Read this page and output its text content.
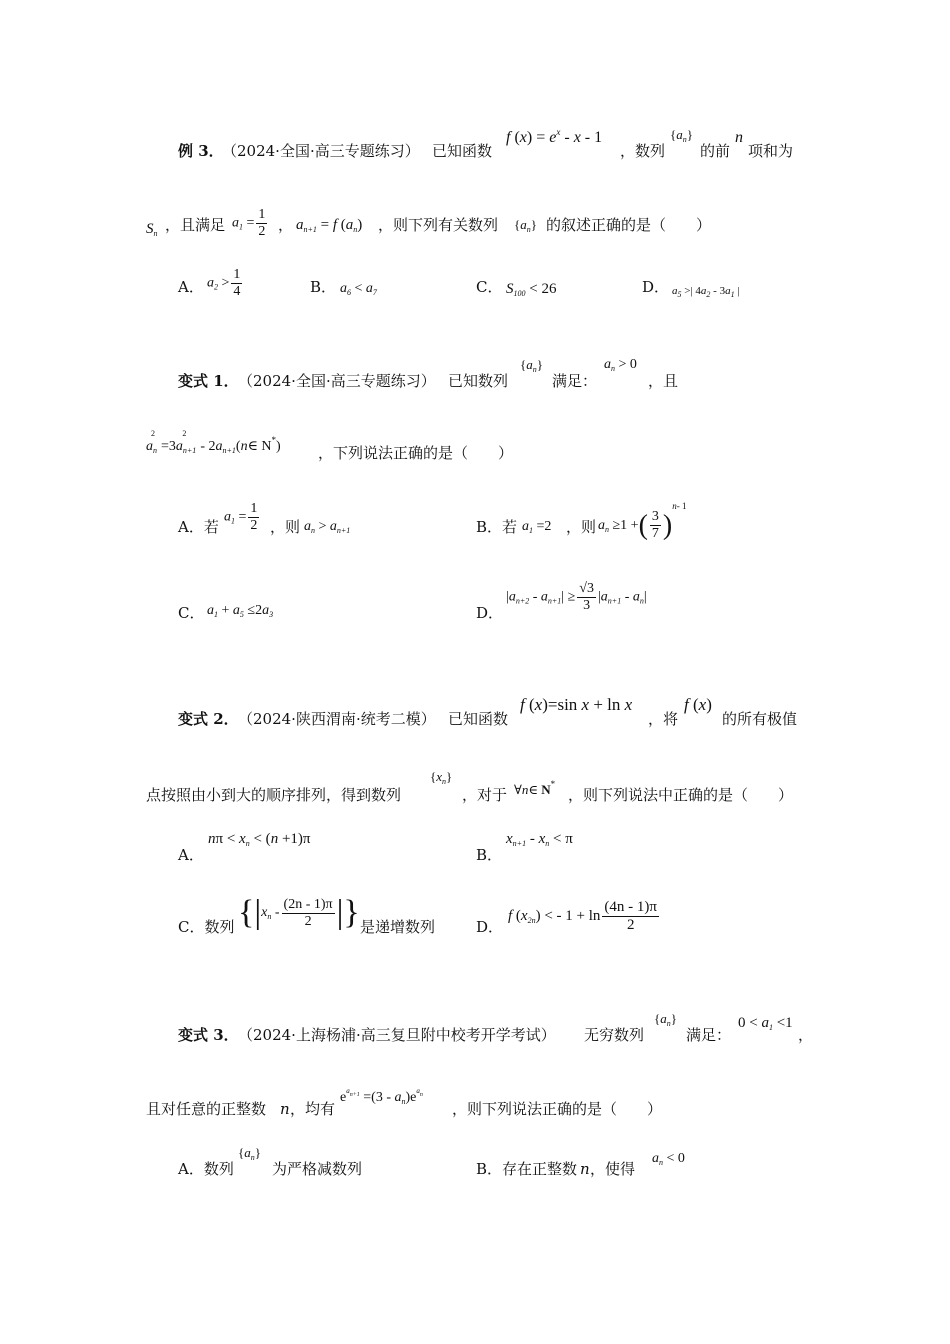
例 3．
（2024·全国·高三专题练习） 已知函数
f $(x) = e^x - x - 1$
，数列
$\{a_n\}$
的前
n
项和为
$S_n$ ，且满足 $a_1 = \frac{1}{2}$ ， $a_{n+1} = f$ $(a_n)$ ，则下列有关数列 $\{a_n\}$ 的叙述正确的是（　　）
A． $a_2 > \frac{1}{4}$	B． $a_6 < a_7$	C． $S_{100} < 26$	D． $a_5$ >| $4a_2 - 3a_1$ |
变式 1． （2024·全国·高三专题练习） 已知数列
$\{a_n\}$
满足：
$a_n > 0$
，且
$a_n^2=3a_{n+1}^2-$ $2a_{n+1}(n\in$ N*) ，下列说法正确的是（　　）
A．若
$a_1 = \frac{1}{2}$ ，则 $a_n > a_{n+1}$	B．若 $a_1 =2$ ，则 $a_n \ge 1$ +( $\frac{3}{7} )^{n- 1}$
C． $a_1 + a_5 \le 2a_3$	D．
$|a_{n+2} - a_{n+1}| \ge \frac{√3}{3} |a_{n+1} - a_n|$
变式 2． （2024·陕西渭南·统考二模） 已知函数
f (x)=sin x + ln x
，将
f (x)
的所有极值
点按照由小到大的顺序排列，得到数列
$\{x_n\}$
，对于 ∀n∈ N*
，则下列说法中正确的是（　　）
A．
$n\pi < x_n < (n +1)\pi$
B．
$x_{n+1} - x_n < \pi$
C．数列 {$|x_n - \frac{(2n - 1)\pi}{2}$ |} 是递增数列	D．
f $(x_{2n})$ < - $1 + \ln \frac{(4n - 1)\pi}{2}$
变式 3． （2024·上海杨浦·高三复旦附中校考开学考试） 无穷数列
$\{a_n\}$
满足：
$0 < a_1 <1$
，
且对任意的正整数 n ，均有
$e^{an+1} =(3 - a_n)e^{an}$
，则下列说法正确的是（　　）
A．数列
$\{a_n\}$
为严格减数列	B．存在正整数 n ，使得
$a_n < 0$
